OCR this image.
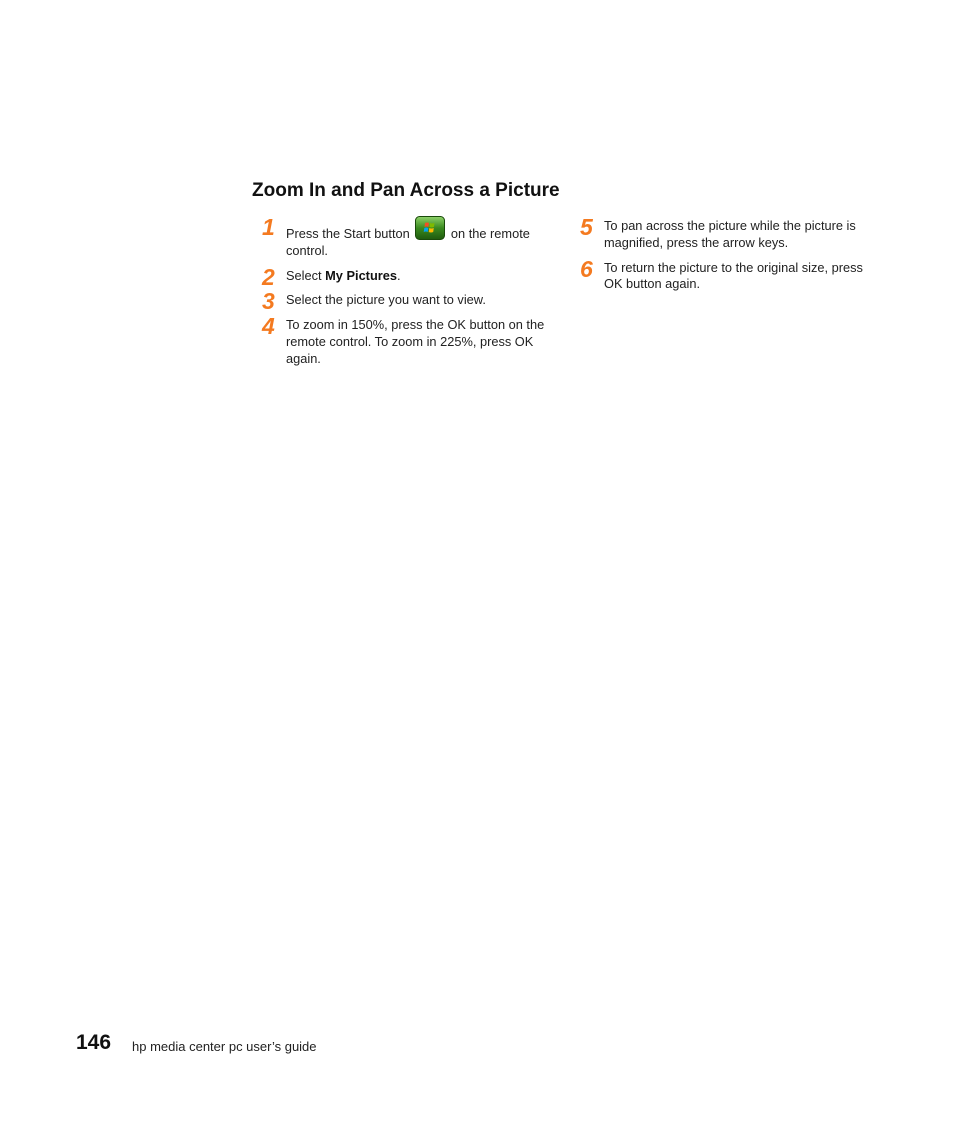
Zoom In and Pan Across a Picture
1 Press the Start button	on the remote control.
2 Select My Pictures.
3 Select the picture you want to view.
4 To zoom in 150%, press the OK button on the remote control. To zoom in 225%, press OK again.
5 To pan across the picture while the picture is magnified, press the arrow keys.
6 To return the picture to the original size, press OK button again.
146 hp media center pc user’s guide
